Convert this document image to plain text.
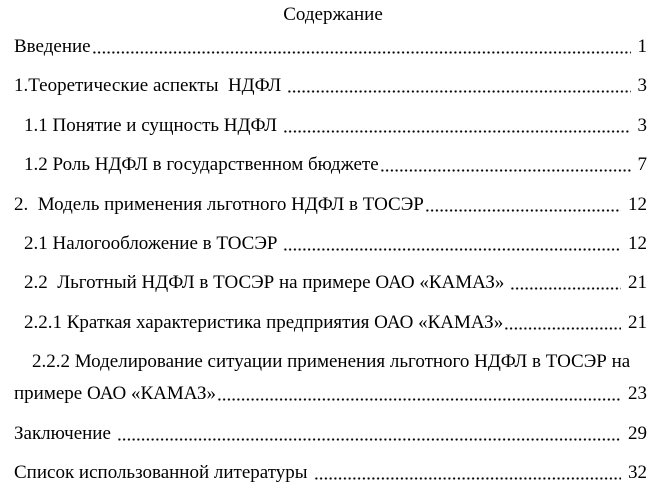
Содержание
Введение	1
1.Теоретические аспекты  НДФЛ	3
1.1 Понятие и сущность НДФЛ	3
1.2 Роль НДФЛ в государственном бюджете	7
2.  Модель применения льготного НДФЛ в ТОСЭР	12
2.1 Налогообложение в ТОСЭР	12
2.2  Льготный НДФЛ в ТОСЭР на примере ОАО «КАМАЗ»	21
2.2.1 Краткая характеристика предприятия ОАО «КАМАЗ»	21
2.2.2 Моделирование ситуации применения льготного НДФЛ в ТОСЭР на
примере ОАО «КАМАЗ»	23
Заключение	29
Список использованной литературы	32
